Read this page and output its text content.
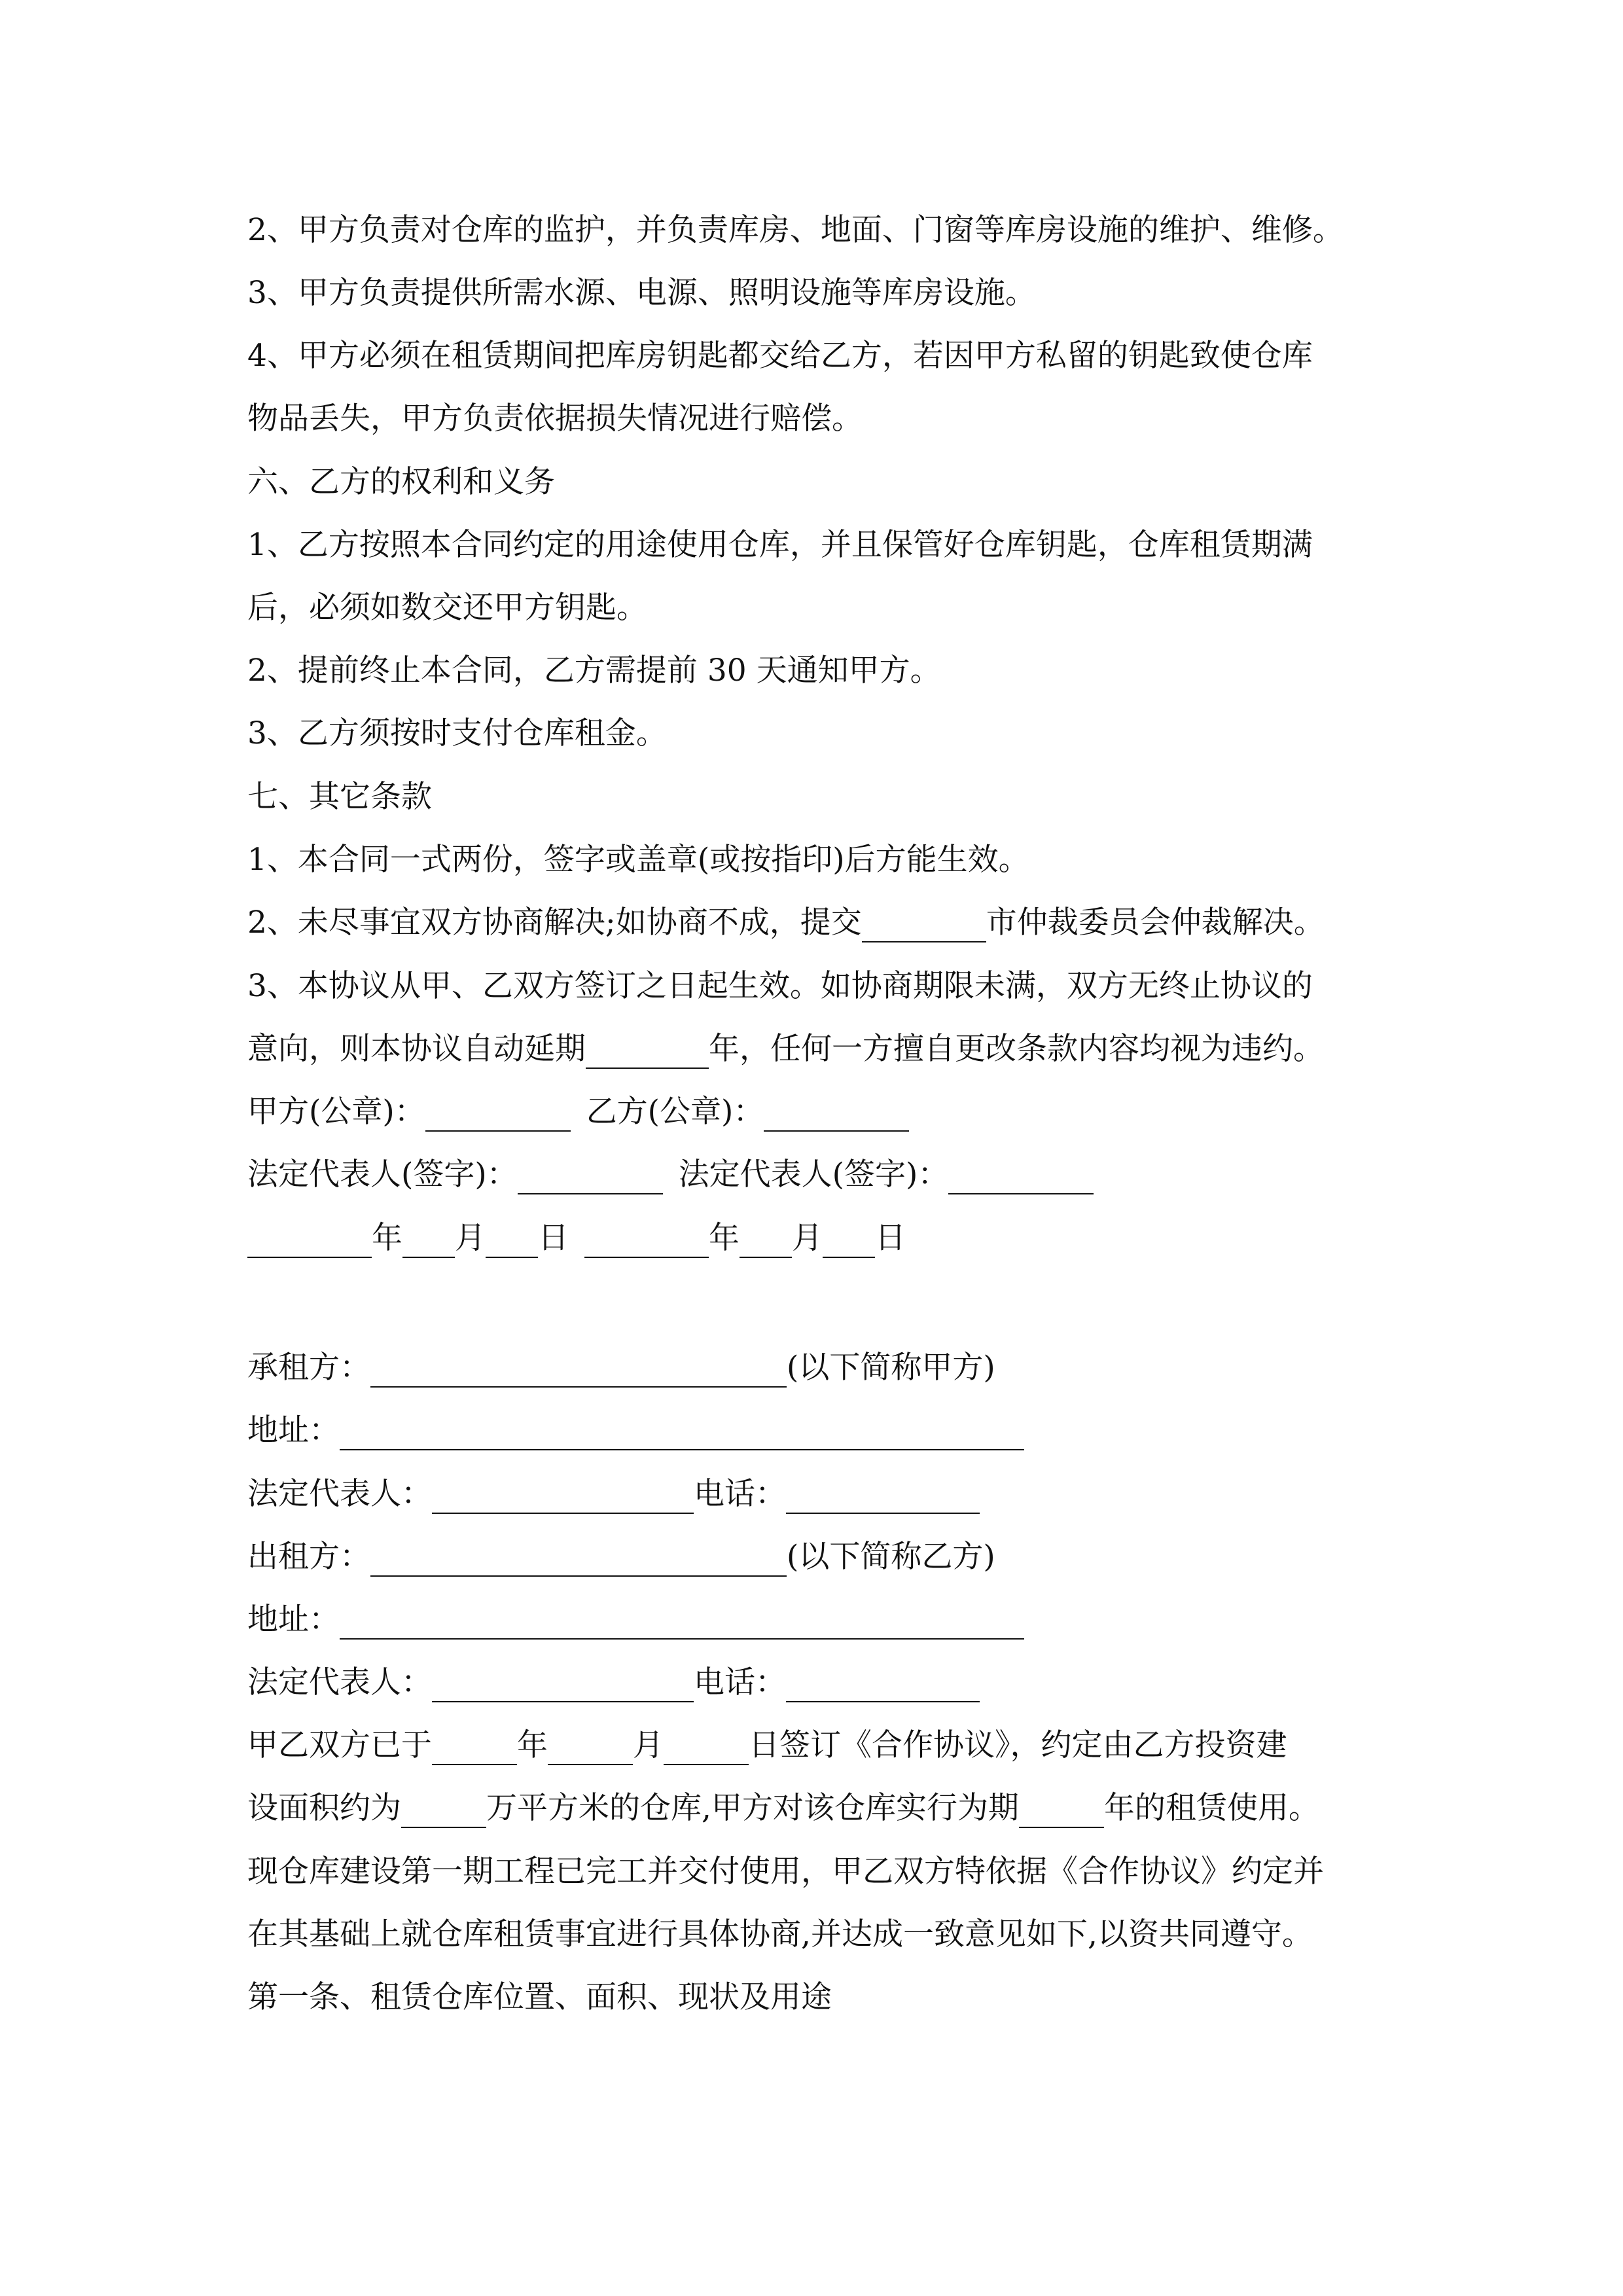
2、甲方负责对仓库的监护，并负责库房、地面、门窗等库房设施的维护、维修。
3、甲方负责提供所需水源、电源、照明设施等库房设施。
4、甲方必须在租赁期间把库房钥匙都交给乙方，若因甲方私留的钥匙致使仓库
物品丢失，甲方负责依据损失情况进行赔偿。
六、乙方的权利和义务
1、乙方按照本合同约定的用途使用仓库，并且保管好仓库钥匙，仓库租赁期满
后，必须如数交还甲方钥匙。
2、提前终止本合同，乙方需提前 30 天通知甲方。
3、乙方须按时支付仓库租金。
七、其它条款
1、本合同一式两份，签字或盖章(或按指印)后方能生效。
2、未尽事宜双方协商解决;如协商不成，提交	市仲裁委员会仲裁解决。
3、本协议从甲、乙双方签订之日起生效。如协商期限未满，双方无终止协议的
意向，则本协议自动延期	年，任何一方擅自更改条款内容均视为违约。
甲方(公章)：	乙方(公章)：
法定代表人(签字)：	法定代表人(签字)：
年 月 日	年 月 日
承租方：	(以下简称甲方)
地址：
法定代表人：	电话：
出租方：	(以下简称乙方)
地址：
法定代表人：	电话：
甲乙双方已于	年	月	日签订《合作协议》，约定由乙方投资建
设面积约为	万平方米的仓库,甲方对该仓库实行为期	年的租赁使用。
现仓库建设第一期工程已完工并交付使用，甲乙双方特依据《合作协议》约定并
在其基础上就仓库租赁事宜进行具体协商,并达成一致意见如下,以资共同遵守。
第一条、租赁仓库位置、面积、现状及用途
